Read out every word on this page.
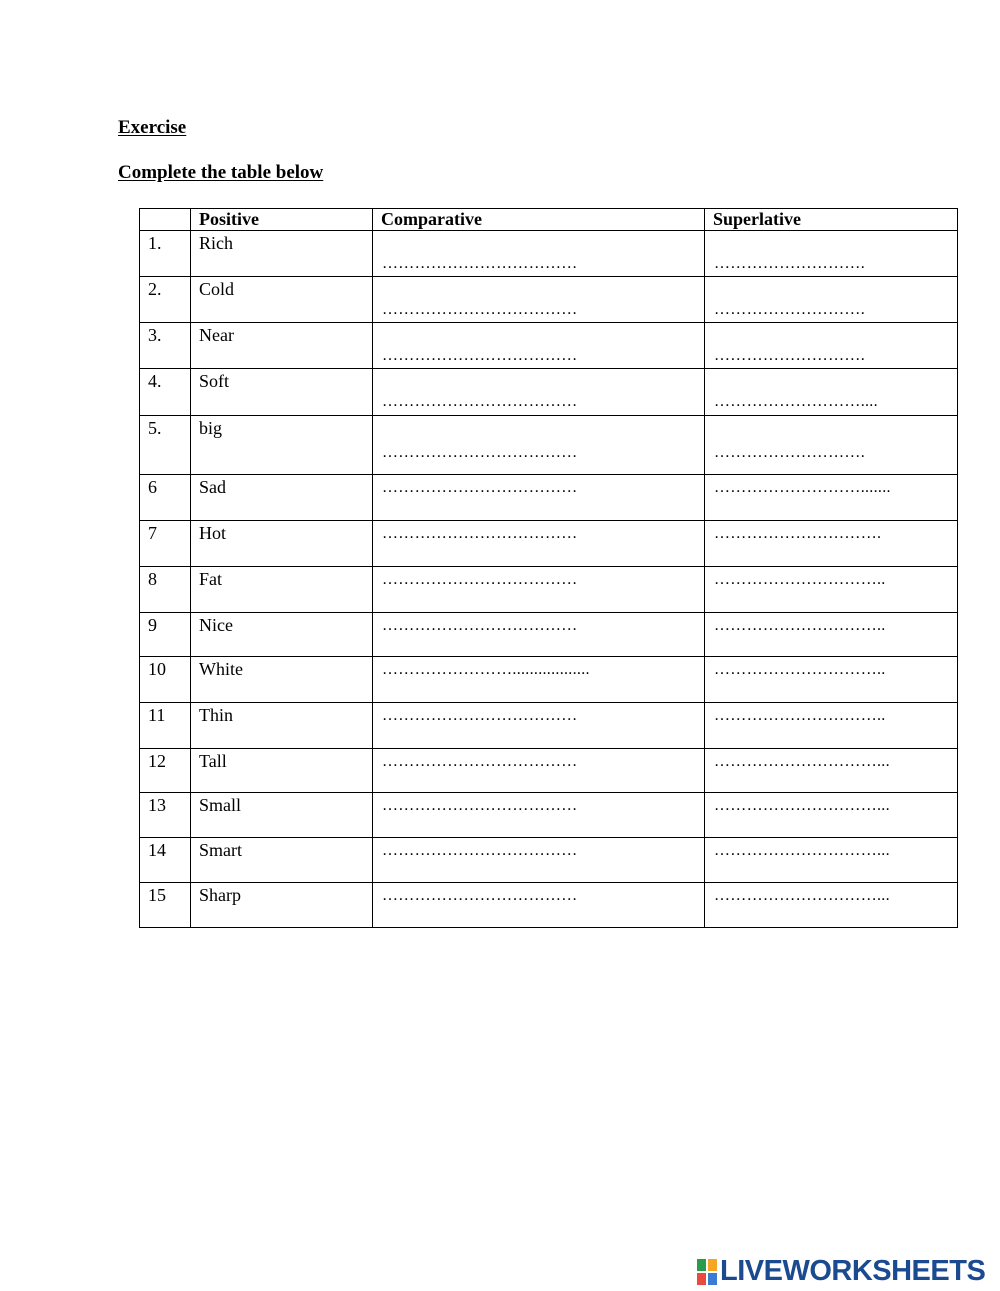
Exercise
Complete the table below
	Positive	Comparative	Superlative
1.	Rich	………………………………	……………………….

2.	Cold	………………………………	……………………….

3.	Near	………………………………	……………………….

4.	Soft	………………………………	………………………....

5.	big	………………………………	……………………….

6	Sad	………………………………	……………………….......

7	Hot	………………………………	………………………….

8	Fat	………………………………	…………………………..

9	Nice	………………………………	…………………………..

10	White	……………………..................	…………………………..

11	Thin	………………………………	…………………………..

12	Tall	………………………………	…………………………...

13	Small	………………………………	…………………………...

14	Smart	………………………………	…………………………...

15	Sharp	………………………………	…………………………...
LIVEWORKSHEETS
